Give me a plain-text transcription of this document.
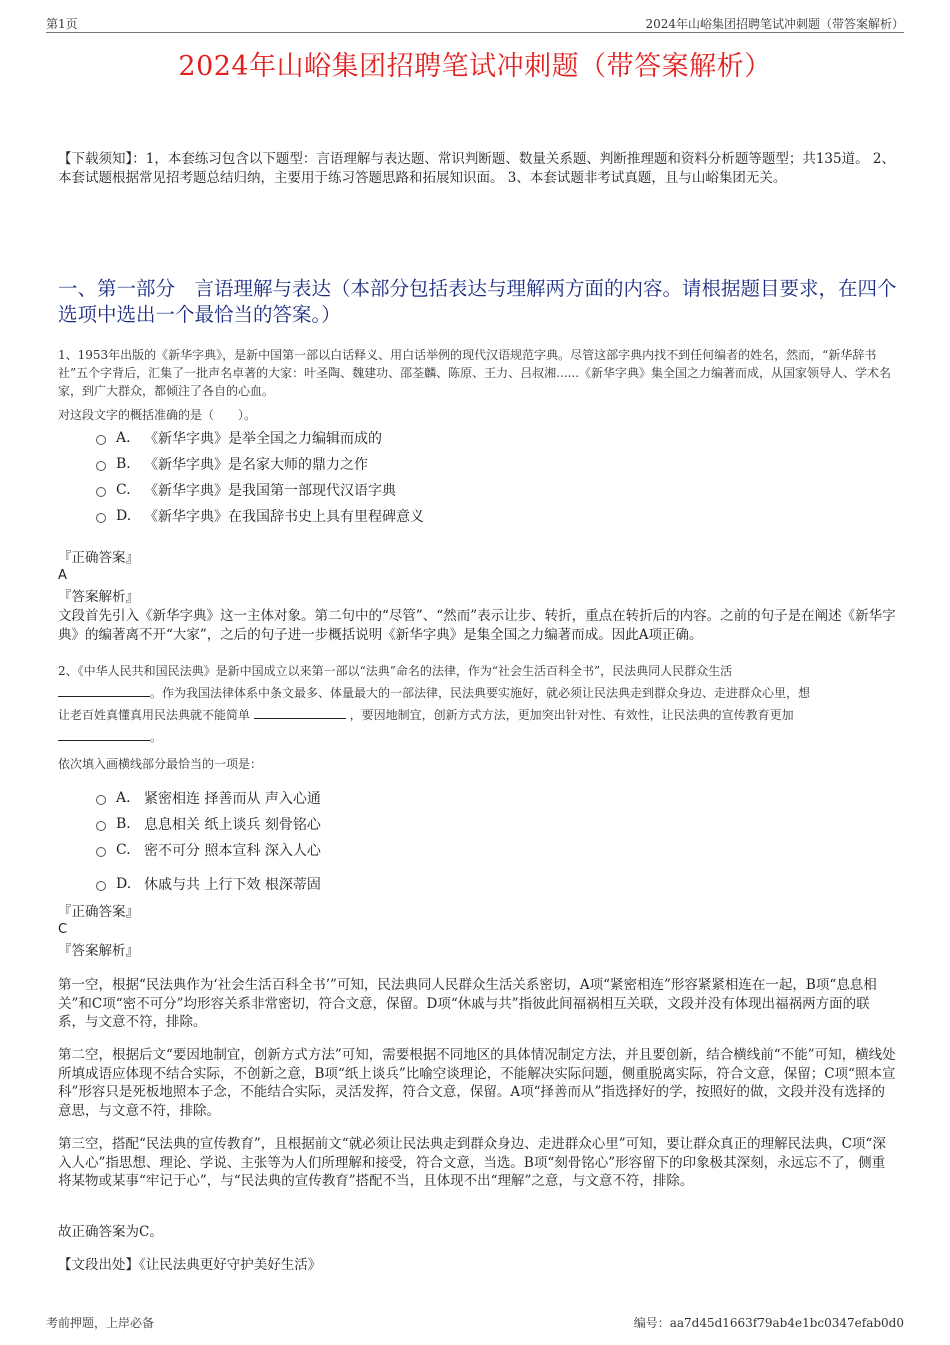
第1页	2024年山峪集团招聘笔试冲刺题（带答案解析）
2024年山峪集团招聘笔试冲刺题（带答案解析）
【下载须知】：1，本套练习包含以下题型：言语理解与表达题、常识判断题、数量关系题、判断推理题和资料分析题等题型；共135道。 2、本套试题根据常见招考题总结归纳，主要用于练习答题思路和拓展知识面。 3、本套试题非考试真题，且与山峪集团无关。
一、第一部分　言语理解与表达（本部分包括表达与理解两方面的内容。请根据题目要求，在四个选项中选出一个最恰当的答案。）
1、1953年出版的《新华字典》，是新中国第一部以白话释义、用白话举例的现代汉语规范字典。尽管这部字典内找不到任何编者的姓名，然而，“新华辞书社”五个字背后，汇集了一批声名卓著的大家：叶圣陶、魏建功、邵荃麟、陈原、王力、吕叔湘......《新华字典》集全国之力编著而成，从国家领导人、学术名家，到广大群众，都倾注了各自的心血。
对这段文字的概括准确的是（　　）。
A. 《新华字典》是举全国之力编辑而成的
B. 《新华字典》是名家大师的鼎力之作
C. 《新华字典》是我国第一部现代汉语字典
D. 《新华字典》在我国辞书史上具有里程碑意义
『正确答案』
A
『答案解析』
文段首先引入《新华字典》这一主体对象。第二句中的“尽管”、“然而”表示让步、转折，重点在转折后的内容。之前的句子是在阐述《新华字典》的编著离不开“大家”，之后的句子进一步概括说明《新华字典》是集全国之力编著而成。因此A项正确。
2、《中华人民共和国民法典》是新中国成立以来第一部以“法典”命名的法律，作为“社会生活百科全书”，民法典同人民群众生活
。作为我国法律体系中条文最多、体量最大的一部法律，民法典要实施好，就必须让民法典走到群众身边、走进群众心里，想
让老百姓真懂真用民法典就不能简单	，要因地制宜，创新方式方法，更加突出针对性、有效性，让民法典的宣传教育更加
。
依次填入画横线部分最恰当的一项是：
A. 紧密相连 择善而从 声入心通
B. 息息相关 纸上谈兵 刻骨铭心
C. 密不可分 照本宣科 深入人心
D. 休戚与共 上行下效 根深蒂固
『正确答案』
C
『答案解析』
第一空，根据“民法典作为‘社会生活百科全书’”可知，民法典同人民群众生活关系密切，A项“紧密相连”形容紧紧相连在一起，B项“息息相关”和C项“密不可分”均形容关系非常密切，符合文意，保留。D项“休戚与共”指彼此间福祸相互关联，文段并没有体现出福祸两方面的联系，与文意不符，排除。
第二空，根据后文“要因地制宜，创新方式方法”可知，需要根据不同地区的具体情况制定方法，并且要创新，结合横线前“不能”可知，横线处所填成语应体现不结合实际，不创新之意，B项“纸上谈兵”比喻空谈理论，不能解决实际问题，侧重脱离实际，符合文意，保留；C项“照本宣科”形容只是死板地照本子念，不能结合实际，灵活发挥，符合文意，保留。A项“择善而从”指选择好的学，按照好的做，文段并没有选择的意思，与文意不符，排除。
第三空，搭配“民法典的宣传教育”，且根据前文“就必须让民法典走到群众身边、走进群众心里”可知，要让群众真正的理解民法典，C项“深入人心”指思想、理论、学说、主张等为人们所理解和接受，符合文意，当选。B项“刻骨铭心”形容留下的印象极其深刻，永远忘不了，侧重将某物或某事“牢记于心”，与“民法典的宣传教育”搭配不当，且体现不出“理解”之意，与文意不符，排除。
故正确答案为C。
【文段出处】《让民法典更好守护美好生活》
考前押题，上岸必备	编号：aa7d45d1663f79ab4e1bc0347efab0d0
